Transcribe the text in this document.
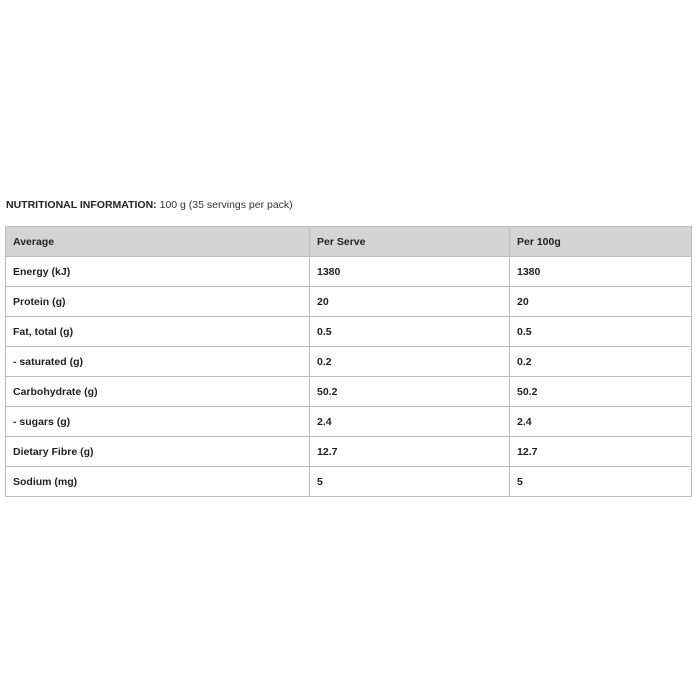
NUTRITIONAL INFORMATION: 100 g (35 servings per pack)
Average	Per Serve	Per 100g
Energy (kJ)	1380	1380
Protein (g)	20	20
Fat, total (g)	0.5	0.5
- saturated (g)	0.2	0.2
Carbohydrate (g)	50.2	50.2
- sugars (g)	2.4	2.4
Dietary Fibre (g)	12.7	12.7
Sodium (mg)	5	5
